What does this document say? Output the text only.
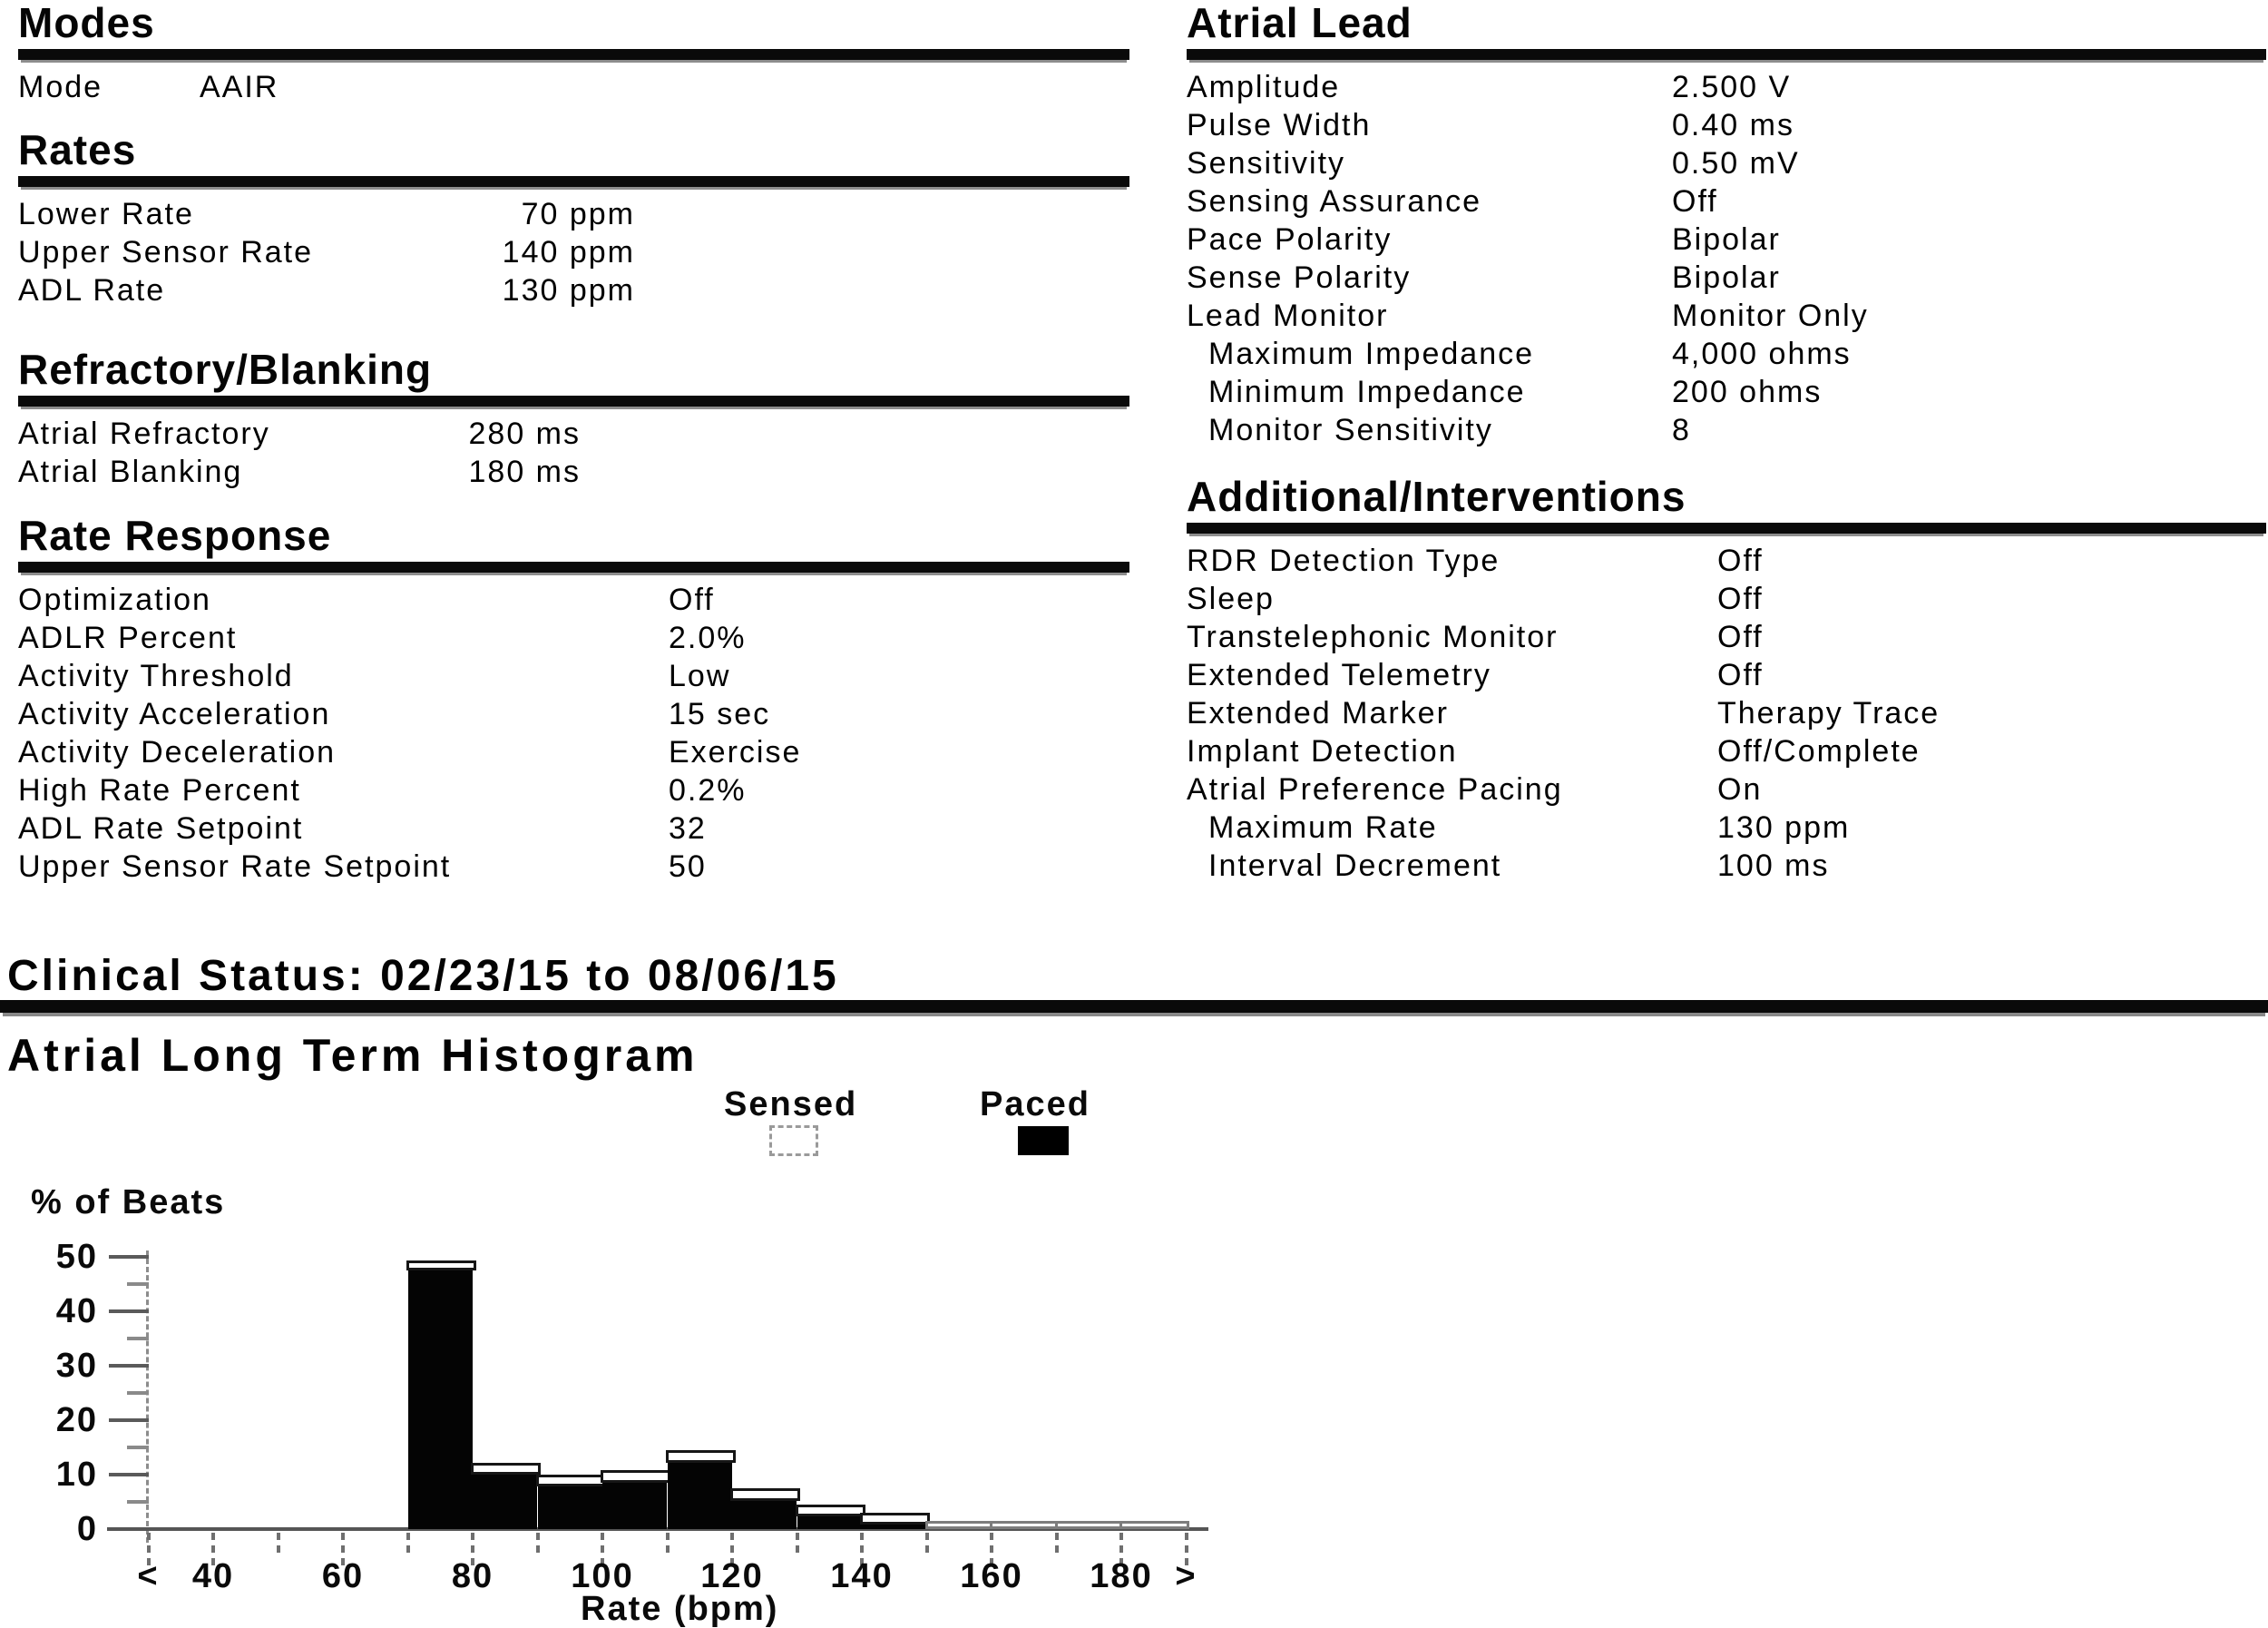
Modes
Mode	AAIR
Rates
Lower Rate	70 ppm
Upper Sensor Rate	140 ppm
ADL Rate	130 ppm
Refractory/Blanking
Atrial Refractory	280 ms
Atrial Blanking	180 ms
Rate Response
Optimization	Off
ADLR Percent	2.0%
Activity Threshold	Low
Activity Acceleration	15 sec
Activity Deceleration	Exercise
High Rate Percent	0.2%
ADL Rate Setpoint	32
Upper Sensor Rate Setpoint	50
Atrial Lead
Amplitude	2.500 V
Pulse Width	0.40 ms
Sensitivity	0.50 mV
Sensing Assurance	Off
Pace Polarity	Bipolar
Sense Polarity	Bipolar
Lead Monitor	Monitor Only
Maximum Impedance	4,000 ohms
Minimum Impedance	200 ohms
Monitor Sensitivity	8
Additional/Interventions
RDR Detection Type	Off
Sleep	Off
Transtelephonic Monitor	Off
Extended Telemetry	Off
Extended Marker	Therapy Trace
Implant Detection	Off/Complete
Atrial Preference Pacing	On
Maximum Rate	130 ppm
Interval Decrement	100 ms
Clinical Status: 02/23/15 to 08/06/15
Atrial Long Term Histogram
Sensed	Paced
% of Beats
0
10
20
30
40
50
< 40	60	80	100	120	140	160	180 >
Rate (bpm)
